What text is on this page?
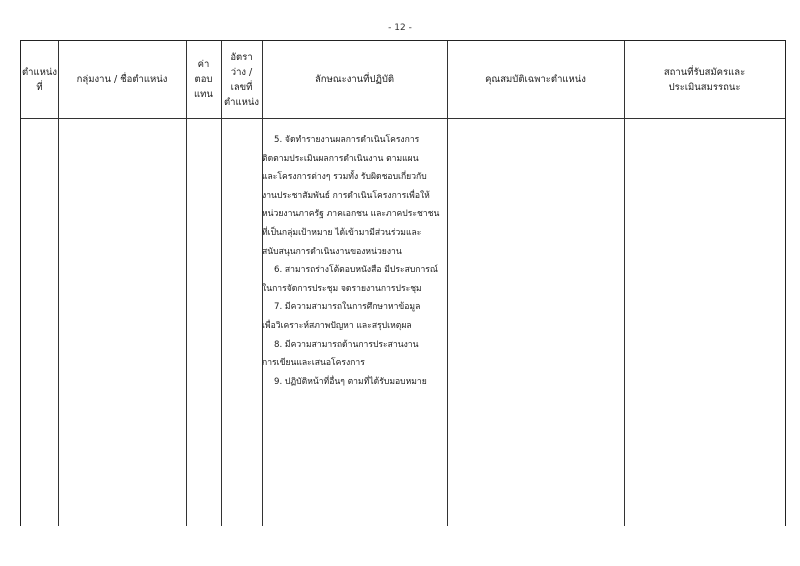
- 12 -
ตำแหน่ง
ที่
กลุ่มงาน / ชื่อตำแหน่ง
ค่า
ตอบ
แทน
อัตรา
ว่าง /
เลขที่
ตำแหน่ง
ลักษณะงานที่ปฏิบัติ	คุณสมบัติเฉพาะตำแหน่ง
สถานที่รับสมัครและ
ประเมินสมรรถนะ
5. จัดทำรายงานผลการดำเนินโครงการ
ติดตามประเมินผลการดำเนินงาน ตามแผน
และโครงการต่างๆ รวมทั้ง รับผิดชอบเกี่ยวกับ
งานประชาสัมพันธ์ การดำเนินโครงการเพื่อให้
หน่วยงานภาครัฐ ภาคเอกชน และภาคประชาชน
ที่เป็นกลุ่มเป้าหมาย ได้เข้ามามีส่วนร่วมและ
สนับสนุนการดำเนินงานของหน่วยงาน
6. สามารถร่างโต้ตอบหนังสือ มีประสบการณ์
ในการจัดการประชุม จดรายงานการประชุม
7. มีความสามารถในการศึกษาหาข้อมูล
เพื่อวิเคราะห์สภาพปัญหา และสรุปเหตุผล
8. มีความสามารถด้านการประสานงาน
การเขียนและเสนอโครงการ
9. ปฏิบัติหน้าที่อื่นๆ ตามที่ได้รับมอบหมาย
